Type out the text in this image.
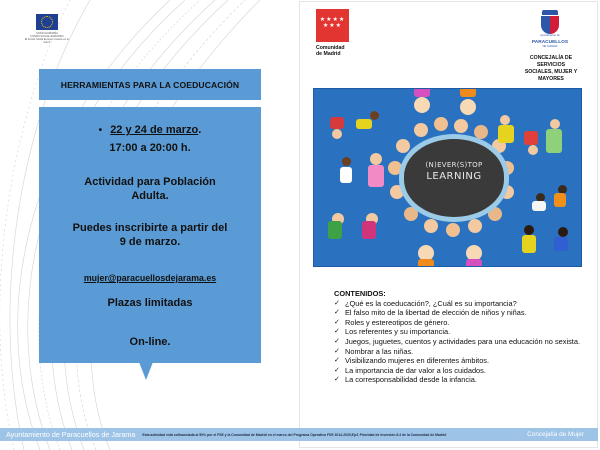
UNIÓN EUROPEA
FONDO SOCIAL EUROPEO
El Fondo Social Europeo invierte en tu futuro
HERRAMIENTAS PARA LA COEDUCACIÓN
• 22 y 24 de marzo.
17:00 a 20:00 h.
Actividad para Población
Adulta.
Puedes inscribirte a partir del
9 de marzo.
mujer@paracuellosdejarama.es
Plazas limitadas
On-line.
★★★★ ★★★
Comunidad
de Madrid
Ayuntamiento de
PARACUELLOS
DE JARAMA
CONCEJALÍA DE
SERVICIOS
SOCIALES, MUJER Y
MAYORES
(N)EVER(S)TOP
LEARNING
CONTENIDOS:
✓ ¿Qué es la coeducación?, ¿Cuál es su importancia?
✓ El falso mito de la libertad de elección de niños y niñas.
✓ Roles y estereotipos de género.
✓ Los referentes y su importancia.
✓ Juegos, juguetes, cuentos y actividades para una educación no sexista.
✓ Nombrar a las niñas.
✓ Visibilizando mujeres en diferentes ámbitos.
✓ La importancia de dar valor a los cuidados.
✓ La corresponsabilidad desde la infancia.
Ayuntamiento de Paracuellos de Jarama Esta actividad está cofinanciada al 50% por el FSE y la Comunidad de Madrid en el marco del Programa Operativo FSE 2014-2020,Eje1 Prioridad de inversión 8.4 de la Comunidad de Madrid	Concejalía de Mujer
